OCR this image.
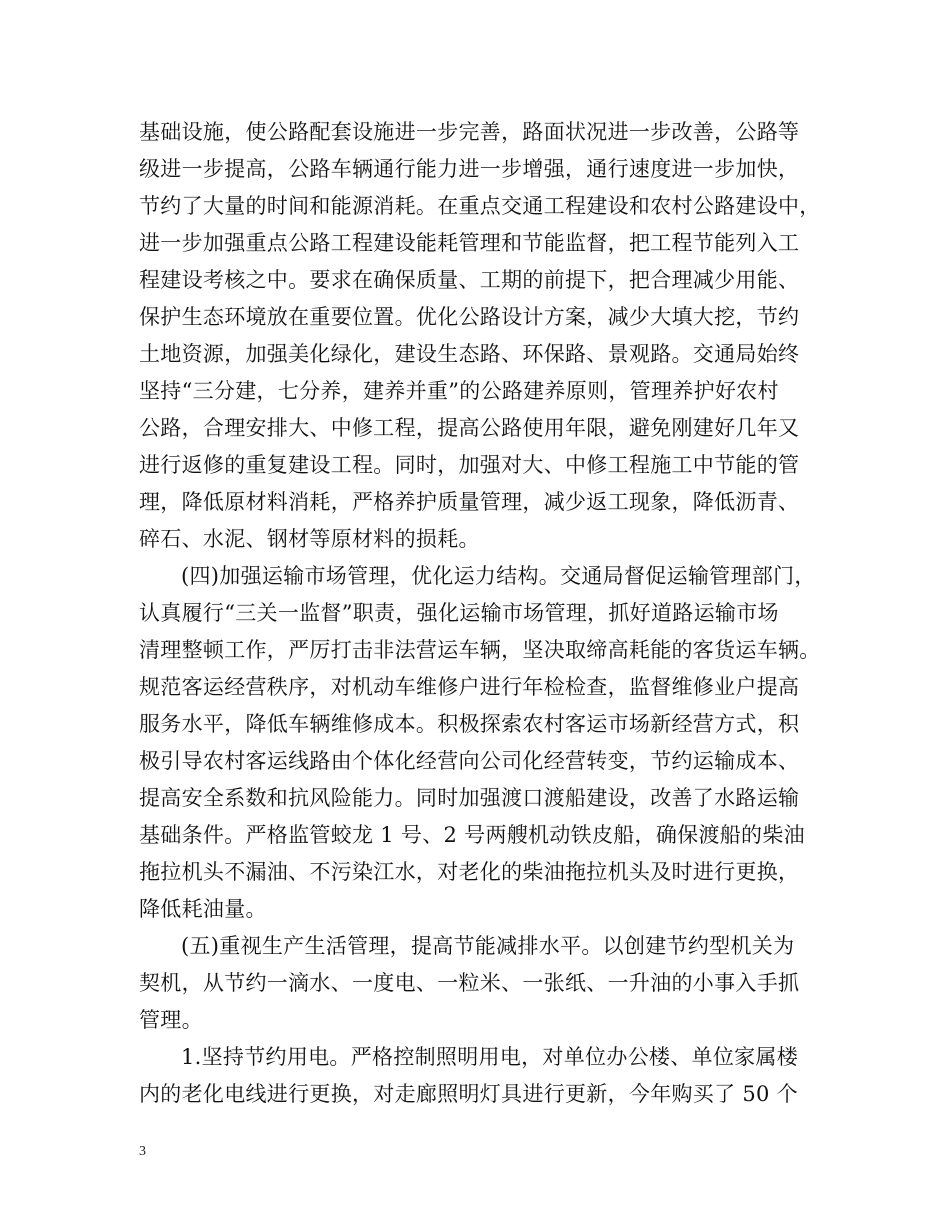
基础设施，使公路配套设施进一步完善，路面状况进一步改善，公路等
级进一步提高，公路车辆通行能力进一步增强，通行速度进一步加快，
节约了大量的时间和能源消耗。在重点交通工程建设和农村公路建设中，
进一步加强重点公路工程建设能耗管理和节能监督，把工程节能列入工
程建设考核之中。要求在确保质量、工期的前提下，把合理减少用能、
保护生态环境放在重要位置。优化公路设计方案，减少大填大挖，节约
土地资源，加强美化绿化，建设生态路、环保路、景观路。交通局始终
坚持“三分建，七分养，建养并重”的公路建养原则，管理养护好农村
公路，合理安排大、中修工程，提高公路使用年限，避免刚建好几年又
进行返修的重复建设工程。同时，加强对大、中修工程施工中节能的管
理，降低原材料消耗，严格养护质量管理，减少返工现象，降低沥青、
碎石、水泥、钢材等原材料的损耗。
(四)加强运输市场管理，优化运力结构。交通局督促运输管理部门，
认真履行“三关一监督”职责，强化运输市场管理，抓好道路运输市场
清理整顿工作，严厉打击非法营运车辆，坚决取缔高耗能的客货运车辆。
规范客运经营秩序，对机动车维修户进行年检检查，监督维修业户提高
服务水平，降低车辆维修成本。积极探索农村客运市场新经营方式，积
极引导农村客运线路由个体化经营向公司化经营转变，节约运输成本、
提高安全系数和抗风险能力。同时加强渡口渡船建设，改善了水路运输
基础条件。严格监管蛟龙 1 号、2 号两艘机动铁皮船，确保渡船的柴油
拖拉机头不漏油、不污染江水，对老化的柴油拖拉机头及时进行更换，
降低耗油量。
(五)重视生产生活管理，提高节能减排水平。以创建节约型机关为
契机，从节约一滴水、一度电、一粒米、一张纸、一升油的小事入手抓
管理。
1.坚持节约用电。严格控制照明用电，对单位办公楼、单位家属楼
内的老化电线进行更换，对走廊照明灯具进行更新，今年购买了 50 个
3
